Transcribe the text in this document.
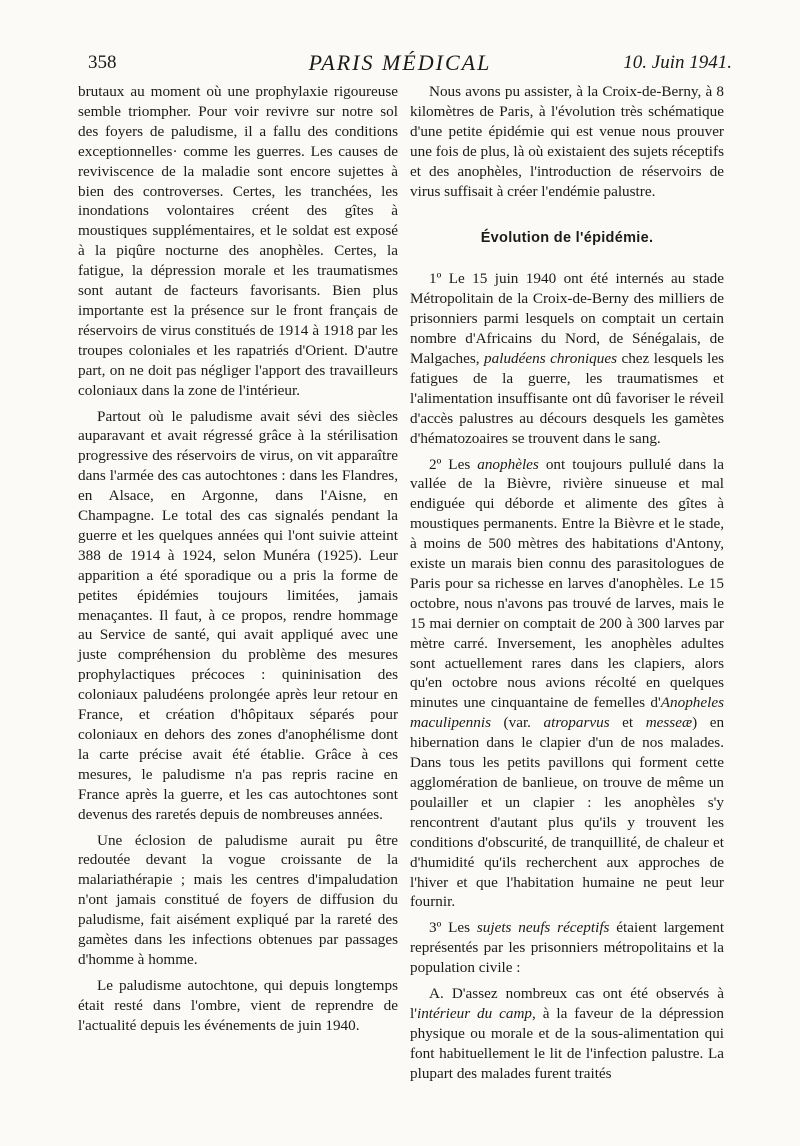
358	PARIS MÉDICAL	10. Juin 1941.

brutaux au moment où une prophylaxie rigoureuse semble triompher. Pour voir revivre sur notre sol des foyers de paludisme, il a fallu des conditions exceptionnelles· comme les guerres. Les causes de reviviscence de la maladie sont encore sujettes à bien des controverses. Certes, les tranchées, les inondations volontaires créent des gîtes à moustiques supplémentaires, et le soldat est exposé à la piqûre nocturne des anophèles. Certes, la fatigue, la dépression morale et les traumatismes sont autant de facteurs favorisants. Bien plus importante est la présence sur le front français de réservoirs de virus constitués de 1914 à 1918 par les troupes coloniales et les rapatriés d'Orient. D'autre part, on ne doit pas négliger l'apport des travailleurs coloniaux dans la zone de l'intérieur.

Partout où le paludisme avait sévi des siècles auparavant et avait régressé grâce à la stérilisation progressive des réservoirs de virus, on vit apparaître dans l'armée des cas autochtones : dans les Flandres, en Alsace, en Argonne, dans l'Aisne, en Champagne. Le total des cas signalés pendant la guerre et les quelques années qui l'ont suivie atteint 388 de 1914 à 1924, selon Munéra (1925). Leur apparition a été sporadique ou a pris la forme de petites épidémies toujours limitées, jamais menaçantes. Il faut, à ce propos, rendre hommage au Service de santé, qui avait appliqué avec une juste compréhension du problème des mesures prophylactiques précoces : quininisation des coloniaux paludéens prolongée après leur retour en France, et création d'hôpitaux séparés pour coloniaux en dehors des zones d'anophélisme dont la carte précise avait été établie. Grâce à ces mesures, le paludisme n'a pas repris racine en France après la guerre, et les cas autochtones sont devenus des raretés depuis de nombreuses années.

Une éclosion de paludisme aurait pu être redoutée devant la vogue croissante de la malariathérapie ; mais les centres d'impaludation n'ont jamais constitué de foyers de diffusion du paludisme, fait aisément expliqué par la rareté des gamètes dans les infections obtenues par passages d'homme à homme.

Le paludisme autochtone, qui depuis longtemps était resté dans l'ombre, vient de reprendre de l'actualité depuis les événements de juin 1940.

Nous avons pu assister, à la Croix-de-Berny, à 8 kilomètres de Paris, à l'évolution très schématique d'une petite épidémie qui est venue nous prouver une fois de plus, là où existaient des sujets réceptifs et des anophèles, l'introduction de réservoirs de virus suffisait à créer l'endémie palustre.

Évolution de l'épidémie.

1º Le 15 juin 1940 ont été internés au stade Métropolitain de la Croix-de-Berny des milliers de prisonniers parmi lesquels on comptait un certain nombre d'Africains du Nord, de Sénégalais, de Malgaches, paludéens chroniques chez lesquels les fatigues de la guerre, les traumatismes et l'alimentation insuffisante ont dû favoriser le réveil d'accès palustres au décours desquels les gamètes d'hématozoaires se trouvent dans le sang.

2º Les anophèles ont toujours pullulé dans la vallée de la Bièvre, rivière sinueuse et mal endiguée qui déborde et alimente des gîtes à moustiques permanents. Entre la Bièvre et le stade, à moins de 500 mètres des habitations d'Antony, existe un marais bien connu des parasitologues de Paris pour sa richesse en larves d'anophèles. Le 15 octobre, nous n'avons pas trouvé de larves, mais le 15 mai dernier on comptait de 200 à 300 larves par mètre carré. Inversement, les anophèles adultes sont actuellement rares dans les clapiers, alors qu'en octobre nous avions récolté en quelques minutes une cinquantaine de femelles d'Anopheles maculipennis (var. atroparvus et messeæ) en hibernation dans le clapier d'un de nos malades. Dans tous les petits pavillons qui forment cette agglomération de banlieue, on trouve de même un poulailler et un clapier : les anophèles s'y rencontrent d'autant plus qu'ils y trouvent les conditions d'obscurité, de tranquillité, de chaleur et d'humidité qu'ils recherchent aux approches de l'hiver et que l'habitation humaine ne peut leur fournir.

3º Les sujets neufs réceptifs étaient largement représentés par les prisonniers métropolitains et la population civile :

A. D'assez nombreux cas ont été observés à l'intérieur du camp, à la faveur de la dépression physique ou morale et de la sous-alimentation qui font habituellement le lit de l'infection palustre. La plupart des malades furent traités
